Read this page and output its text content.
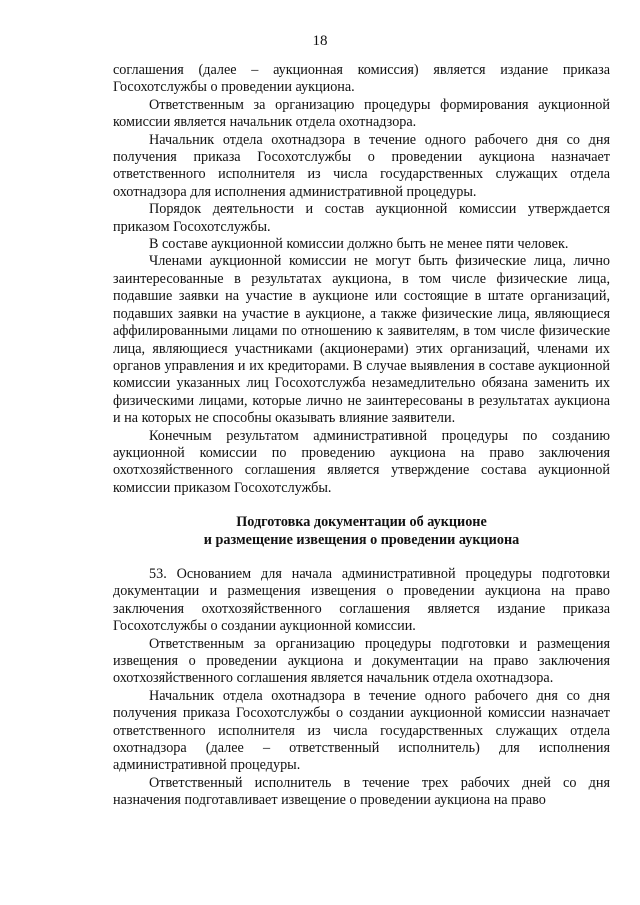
18

соглашения (далее – аукционная комиссия) является издание приказа Госохотслужбы о проведении аукциона.

Ответственным за организацию процедуры формирования аукционной комиссии является начальник отдела охотнадзора.

Начальник отдела охотнадзора в течение одного рабочего дня со дня получения приказа Госохотслужбы о проведении аукциона назначает ответственного исполнителя из числа государственных служащих отдела охотнадзора для исполнения административной процедуры.

Порядок деятельности и состав аукционной комиссии утверждается приказом Госохотслужбы.

В составе аукционной комиссии должно быть не менее пяти человек.

Членами аукционной комиссии не могут быть физические лица, лично заинтересованные в результатах аукциона, в том числе физические лица, подавшие заявки на участие в аукционе или состоящие в штате организаций, подавших заявки на участие в аукционе, а также физические лица, являющиеся аффилированными лицами по отношению к заявителям, в том числе физические лица, являющиеся участниками (акционерами) этих организаций, членами их органов управления и их кредиторами. В случае выявления в составе аукционной комиссии указанных лиц Госохотслужба незамедлительно обязана заменить их физическими лицами, которые лично не заинтересованы в результатах аукциона и на которых не способны оказывать влияние заявители.

Конечным результатом административной процедуры по созданию аукционной комиссии по проведению аукциона на право заключения охотхозяйственного соглашения является утверждение состава аукционной комиссии приказом Госохотслужбы.

Подготовка документации об аукционе
и размещение извещения о проведении аукциона

53. Основанием для начала административной процедуры подготовки документации и размещения извещения о проведении аукциона на право заключения охотхозяйственного соглашения является издание приказа Госохотслужбы о создании аукционной комиссии.

Ответственным за организацию процедуры подготовки и размещения извещения о проведении аукциона и документации на право заключения охотхозяйственного соглашения является начальник отдела охотнадзора.

Начальник отдела охотнадзора в течение одного рабочего дня со дня получения приказа Госохотслужбы о создании аукционной комиссии назначает ответственного исполнителя из числа государственных служащих отдела охотнадзора (далее – ответственный исполнитель) для исполнения административной процедуры.

Ответственный исполнитель в течение трех рабочих дней со дня назначения подготавливает извещение о проведении аукциона на право
